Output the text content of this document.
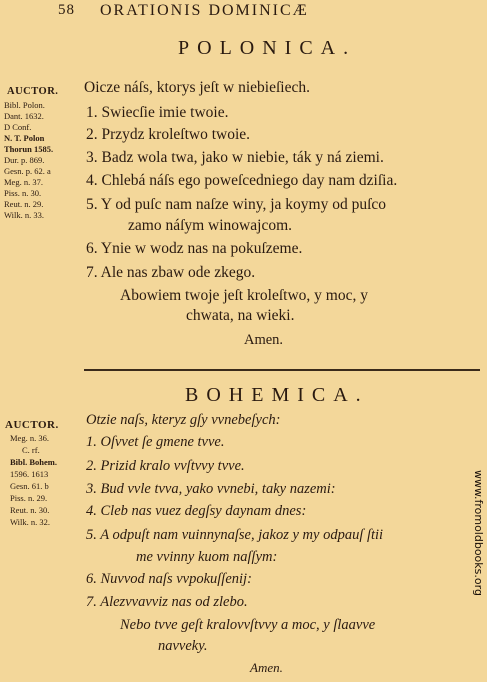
58 ORATIONIS DOMINICÆ
POLONICA.
AUCTOR.
Bibl. Polon.
Dant. 1632.
D Conf.
N. T. Polon
Thorun 1585.
Dur. p. 869.
Gesn. p. 62. a
Meg. n. 37.
Piss. n. 30.
Reut. n. 29.
Wilk. n. 33.
Oicze náſs, ktorys jeſt w niebieſiech.
1. Swiecſie imie twoie.
2. Przydz kroleſtwo twoie.
3. Badz wola twa, jako w niebie, ták y ná ziemi.
4. Chlebá náſs ego poweſcedniego day nam dziſia.
5. Y od puſc nam naſze winy, ja koymy od puſco
zamo náſym winowajcom.
6. Ynie w wodz nas na pokuſzeme.
7. Ale nas zbaw ode zkego.
Abowiem twoje jeſt kroleſtwo, y moc, y
chwata, na wieki.
Amen.
BOHEMICA.
AUCTOR.
Meg. n. 36.
C. rf.
Bibl. Bohem.
1596. 1613
Gesn. 61. b
Piss. n. 29.
Reut. n. 30.
Wilk. n. 32.
Otzie naſs, kteryz gſy vvnebeſych:
1. Oſvvet ſe gmene tvve.
2. Prizid kralo vvſtvvy tvve.
3. Bud vvle tvva, yako vvnebi, taky nazemi:
4. Cleb nas vuez degſsy daynam dnes:
5. A odpuſt nam vuinnynaſse, jakoz y my odpauſ ſtii
me vvinny kuom naſſym:
6. Nuvvod naſs vvpokuſſenij:
7. Alezvvavviz nas od zlebo.
Nebo tvve geſt kralovvſtvvy a moc, y ſlaavve
navveky.
Amen.
www.fromoldbooks.org
